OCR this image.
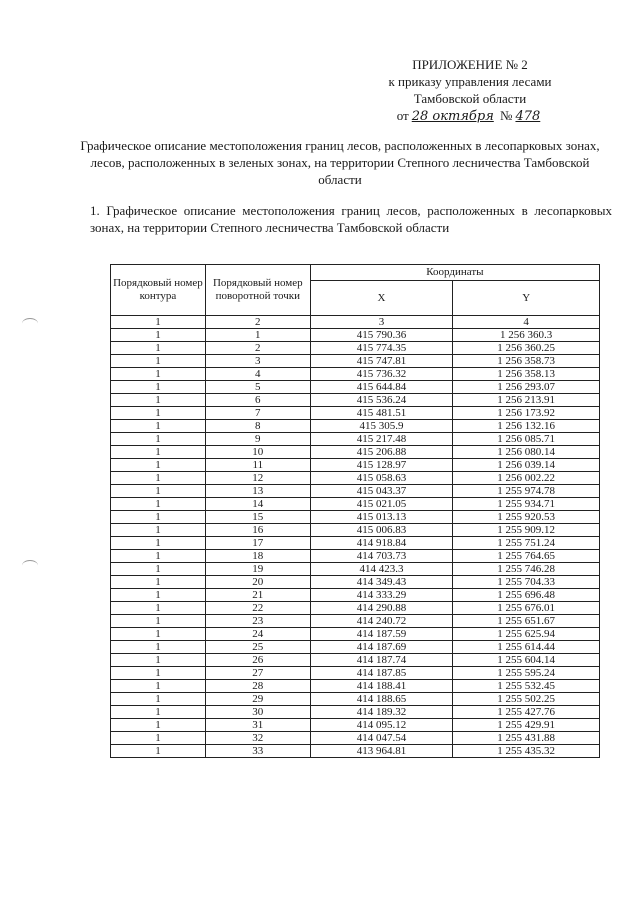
ПРИЛОЖЕНИЕ № 2
к приказу управления лесами
Тамбовской области
от 28 октября № 478
Графическое описание местоположения границ лесов, расположенных в лесопарковых зонах, лесов, расположенных в зеленых зонах, на территории Степного лесничества Тамбовской области
1. Графическое описание местоположения границ лесов, расположенных в лесопарковых зонах, на территории Степного лесничества Тамбовской области
Порядковый номер контура	Порядковый номер поворотной точки	Координаты	
		X	Y
1	2	3	4
1	1	415 790.36	1 256 360.3
1	2	415 774.35	1 256 360.25
1	3	415 747.81	1 256 358.73
1	4	415 736.32	1 256 358.13
1	5	415 644.84	1 256 293.07
1	6	415 536.24	1 256 213.91
1	7	415 481.51	1 256 173.92
1	8	415 305.9	1 256 132.16
1	9	415 217.48	1 256 085.71
1	10	415 206.88	1 256 080.14
1	11	415 128.97	1 256 039.14
1	12	415 058.63	1 256 002.22
1	13	415 043.37	1 255 974.78
1	14	415 021.05	1 255 934.71
1	15	415 013.13	1 255 920.53
1	16	415 006.83	1 255 909.12
1	17	414 918.84	1 255 751.24
1	18	414 703.73	1 255 764.65
1	19	414 423.3	1 255 746.28
1	20	414 349.43	1 255 704.33
1	21	414 333.29	1 255 696.48
1	22	414 290.88	1 255 676.01
1	23	414 240.72	1 255 651.67
1	24	414 187.59	1 255 625.94
1	25	414 187.69	1 255 614.44
1	26	414 187.74	1 255 604.14
1	27	414 187.85	1 255 595.24
1	28	414 188.41	1 255 532.45
1	29	414 188.65	1 255 502.25
1	30	414 189.32	1 255 427.76
1	31	414 095.12	1 255 429.91
1	32	414 047.54	1 255 431.88
1	33	413 964.81	1 255 435.32
